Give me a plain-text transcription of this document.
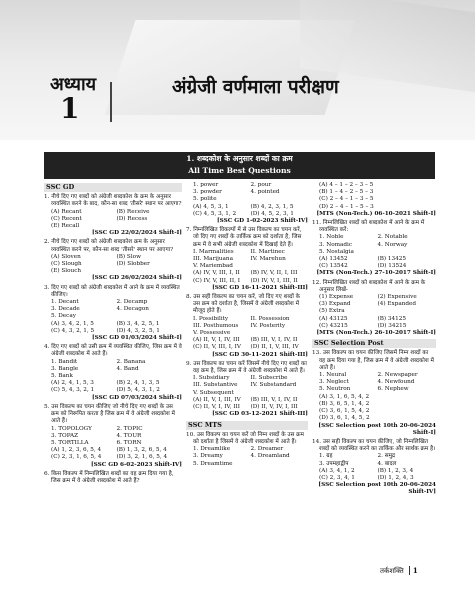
अध्याय
1
अंग्रेजी वर्णमाला परीक्षण
1. शब्दकोश के अनुसार शब्दों का क्रम
All Time Best Questions
SSC GD
1. नीचे दिए गए शब्दों को अंग्रेजी शब्दकोश के क्रम के अनुसार व्यवस्थित करने के बाद, कौन-सा शब्द 'तीसरे' स्थान पर आएगा?
(A) Recant	(B) Receive
(C) Recent	(D) Recess
(E) Recall
[SSC GD 22/02/2024 Shift-I]
2. नीचे दिए गए शब्दों को अंग्रेजी शब्दकोश क्रम के अनुसार व्यवस्थित करने पर, कौन-सा शब्द 'तीसरे' स्थान पर आएगा?
(A) Sloven	(B) Slow
(C) Slough	(D) Slobber
(E) Slouch
[SSC GD 26/02/2024 Shift-I]
3. दिए गए शब्दों को अंग्रेजी शब्दकोश में आने के क्रम में व्यवस्थित कीजिए।
1. Decant	2. Decamp
3. Decade	4. Decagon
5. Decay
(A) 3, 4, 2, 1, 5	(B) 3, 4, 2, 5, 1
(C) 4, 3, 2, 1, 5	(D) 4, 3, 2, 5, 1
[SSC GD 01/03/2024 Shift-I]
4. दिए गए शब्दों को उसी क्रम में व्यवस्थित कीजिए, जिस क्रम में वे अंग्रेजी शब्दकोश में आते हैं।
1. Bandit	2. Banana
3. Bangle	4. Band
5. Bank
(A) 2, 4, 1, 5, 3	(B) 2, 4, 1, 3, 5
(C) 5, 4, 3, 2, 1	(D) 5, 4, 3, 1, 2
[SSC GD 07/03/2024 Shift-I]
5. उस विकल्प का चयन कीजिए जो नीचे दिए गए शब्दों के उस क्रम को निरूपित करता है जिस क्रम में वे अंग्रेजी शब्दकोश में आते हैं।
1. TOPOLOGY	2. TOPIC
3. TOPAZ	4. TOUR
5. TORTILLA	6. TORN
(A) 1, 2, 3, 6, 5, 4	(B) 1, 3, 2, 6, 5, 4
(C) 2, 3, 1, 6, 5, 4	(D) 3, 2, 1, 6, 5, 4
[SSC GD 6-02-2023 Shift-IV]
6. किस विकल्प में निम्नलिखित शब्दों का वह क्रम दिया गया है, जिस क्रम में वे अंग्रेजी शब्दकोश में आते हैं?
1. power	2. pour
3. powder	4. pointed
5. polite
(A) 4, 5, 3, 1	(B) 4, 2, 3, 1, 5
(C) 4, 5, 3, 1, 2	(D) 4, 5, 2, 3, 1
[SSC GD 1-02-2023 Shift-IV]
7. निम्नलिखित विकल्पों में से उस विकल्प का चयन करें, जो दिए गए शब्दों के तार्किक क्रम को दर्शाता है, जिस क्रम में वे सभी अंग्रेजी शब्दकोश में दिखाई देते हैं।
I. Marmalities	II. Martinec
III. Marijuana	IV. Marehun
V. Mariembad
(A) IV, V, III, I, II	(B) IV, V, II, I, III
(C) IV, V, III, II, I	(D) IV, V, I, III, II
[SSC GD 16-11-2021 Shift-III]
8. उस सही विकल्प का चयन करें, जो दिए गए शब्दों के उस क्रम को दर्शाता है, जिसमें वे अंग्रेजी शब्दकोश में मौजूद होते हैं।
I. Possibility	II. Possession
III. Posthumous	IV. Posterity
V. Possessive
(A) II, V, I, IV, III	(B) III, V, I, IV, II
(C) II, V, III, I, IV	(D) II, I, V, III, IV
[SSC GD 30-11-2021 Shift-III]
9. उस विकल्प का चयन करें जिसमें नीचे दिए गए शब्दों का वह क्रम है, जिस क्रम में वे अंग्रेजी शब्दकोश में आते हैं।
I. Subsidiary	II. Subscribe
III. Substantive	IV. Substandard
V. Subsequent
(A) II, V, I, III, IV	(B) III, V, I, IV, II
(C) II, V, I, IV, III	(D) II, V, IV, I, III
[SSC GD 03-12-2021 Shift-III]
SSC MTS
10. उस विकल्प का चयन करें जो निम्न शब्दों के उस क्रम को दर्शाता है जिसमें वे अंग्रेजी शब्दकोश में आते हैं।
1. Dreamlike	2. Dreamer
3. Dreamy	4. Dreamland
5. Dreamtime
(A) 4 – 1 – 2 – 3 – 5
(B) 1 – 4 – 2 – 5 – 3
(C) 2 – 4 – 1 – 3 – 5
(D) 2 – 4 – 1 – 5 – 3
[MTS (Non-Tech.) 06-10-2021 Shift-I]
11. निम्नलिखित शब्दों को शब्दकोश में आने के क्रम में व्यवस्थित करें:
1. Noble	2. Notable
3. Nomadic	4. Norway
5. Nostalgia
(A) 13452	(B) 13425
(C) 13542	(D) 13524
[MTS (Non-Tech.) 27-10-2017 Shift-I]
12. निम्नलिखित शब्दों को शब्दकोश में आने के क्रम के अनुसार लिखें-
(1) Expense	(2) Expensive
(3) Expand	(4) Expanded
(5) Extra
(A) 43125	(B) 34125
(C) 43215	(D) 34215
[MTS (Non-Tech.) 26-10-2017 Shift-I]
SSC Selection Post
13. उस विकल्प का चयन कीजिए जिसमें निम्न शब्दों का वह क्रम दिया गया है, जिस क्रम में वे अंग्रेजी शब्दकोश में आते हैं।
1. Neural	2. Newspaper
3. Neglect	4. Newfound
5. Neutron	6. Nephew
(A) 3, 1, 6, 5, 4, 2
(B) 3, 6, 5, 1, 4, 2
(C) 3, 6, 1, 5, 4, 2
(D) 3, 6, 1, 4, 5, 2
[SSC Selection post 10th 20-06-2024 Shift-I]
14. उस सही विकल्प का चयन कीजिए, जो निम्नलिखित शब्दों को व्यवस्थित करने का तार्किक और सार्थक क्रम है।
1. ग्रह	2. समुद्र
3. उपमहाद्वीप	4. बादल
(A) 3, 4, 1, 2	(B) 1, 2, 3, 4
(C) 2, 3, 4, 1	(D) 1, 2, 4, 3
[SSC Selection post 10th 20-06-2024 Shift-IV]
तर्कशक्ति 1
